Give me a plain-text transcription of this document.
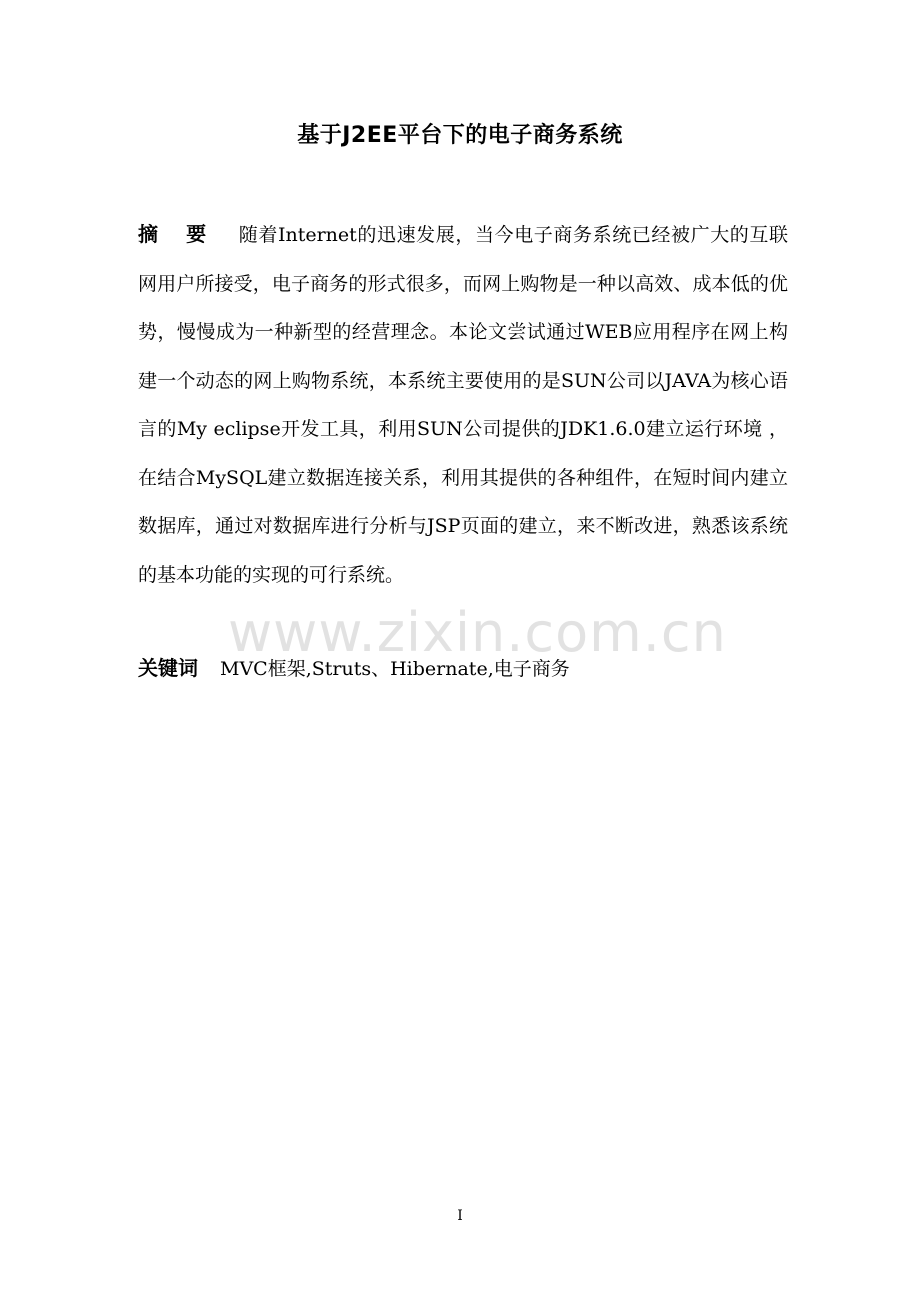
基于J2EE平台下的电子商务系统
摘 要 随着Internet的迅速发展，当今电子商务系统已经被广大的互联网用户所接受，电子商务的形式很多，而网上购物是一种以高效、成本低的优势，慢慢成为一种新型的经营理念。本论文尝试通过WEB应用程序在网上构建一个动态的网上购物系统，本系统主要使用的是SUN公司以JAVA为核心语言的My eclipse开发工具，利用SUN公司提供的JDK1.6.0建立运行环境 ，在结合MySQL建立数据连接关系，利用其提供的各种组件，在短时间内建立数据库，通过对数据库进行分析与JSP页面的建立，来不断改进，熟悉该系统的基本功能的实现的可行系统。
www.zixin.com.cn
关键词 MVC框架,Struts、Hibernate,电子商务
I
